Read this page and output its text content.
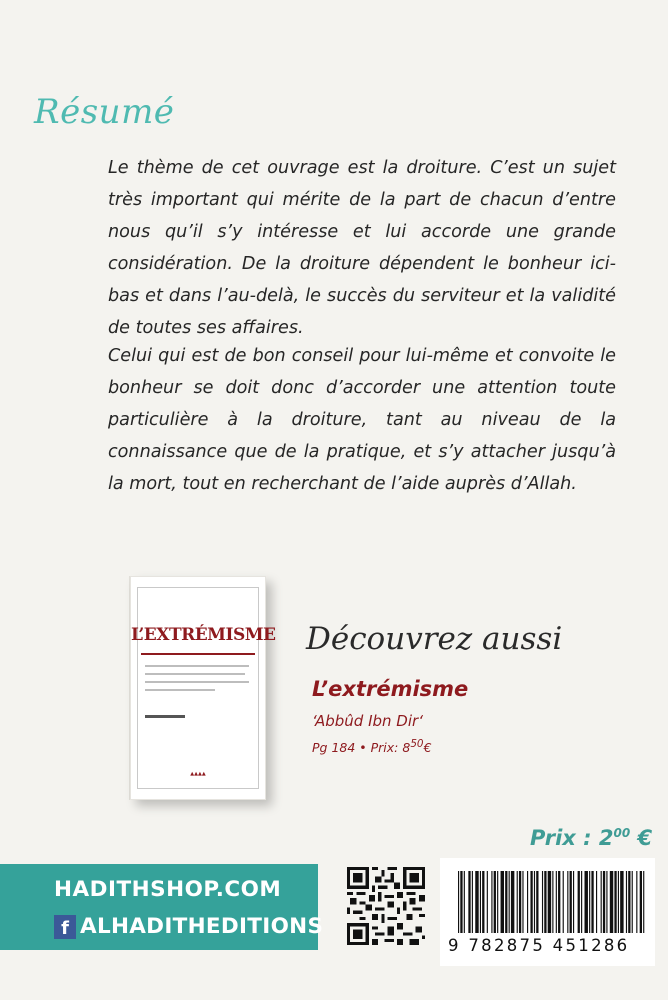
Résumé

Le thème de cet ouvrage est la droiture. C’est un sujet très important qui mérite de la part de chacun d’entre nous qu’il s’y intéresse et lui accorde une grande considération. De la droiture dépendent le bonheur ici-bas et dans l’au-delà, le succès du serviteur et la validité de toutes ses affaires.

Celui qui est de bon conseil pour lui-même et convoite le bonheur se doit donc d’accorder une attention toute particulière à la droiture, tant au niveau de la connaissance que de la pratique, et s’y attacher jusqu’à la mort, tout en recherchant de l’aide auprès d’Allah.

L’EXTRÉMISME
▲▲▲▲
Découvrez aussi
L’extrémisme
‘Abbûd Ibn Dir‘
Pg 184 • Prix: $8^{50}€$
Prix : $2^{00}$ €
HADITHSHOP.COM
f ALHADITHEDITIONS
9 782875 451286
